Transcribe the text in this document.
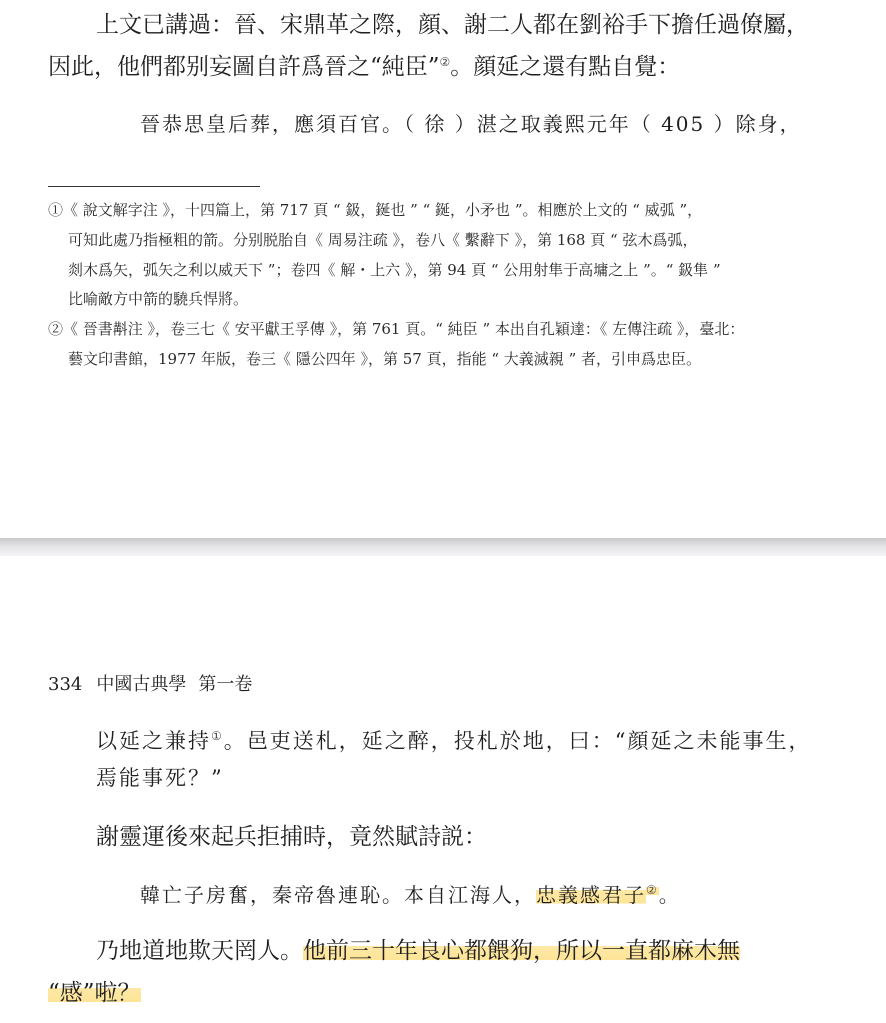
上文已講過：晉、宋鼎革之際，顔、謝二人都在劉裕手下擔任過僚屬，
因此，他們都别妄圖自許爲晉之“純臣”②。顔延之還有點自覺：
晉恭思皇后葬，應須百官。（ 徐 ）湛之取義熙元年（ 405 ）除身，
①《 說文解字注 》，十四篇上，第 717 頁 “ 鈒，鋋也 ” “ 鋋，小矛也 ”。相應於上文的 “ 威弧 ”，
可知此處乃指極粗的箭。分别脱胎自《 周易注疏 》，卷八《 繫辭下 》，第 168 頁 “ 弦木爲弧，
剡木爲矢，弧矢之利以威天下 ”；卷四《 解・上六 》，第 94 頁 “ 公用射隼于高墉之上 ”。“ 鈒隼 ”
比喻敵方中箭的驍兵悍將。
②《 晉書斠注 》，卷三七《 安平獻王孚傳 》，第 761 頁。“ 純臣 ” 本出自孔穎達：《 左傳注疏 》，臺北：
藝文印書館，1977 年版，卷三《 隱公四年 》，第 57 頁，指能 “ 大義滅親 ” 者，引申爲忠臣。
334 中國古典學 第一卷
以延之兼持①。邑吏送札，延之醉，投札於地，曰：“顔延之未能事生，
焉能事死？”
謝靈運後來起兵拒捕時，竟然賦詩説：
韓亡子房奮，秦帝魯連恥。本自江海人，忠義感君子②。
乃地道地欺天罔人。他前三十年良心都餵狗，所以一直都麻木無
“感”啦？
